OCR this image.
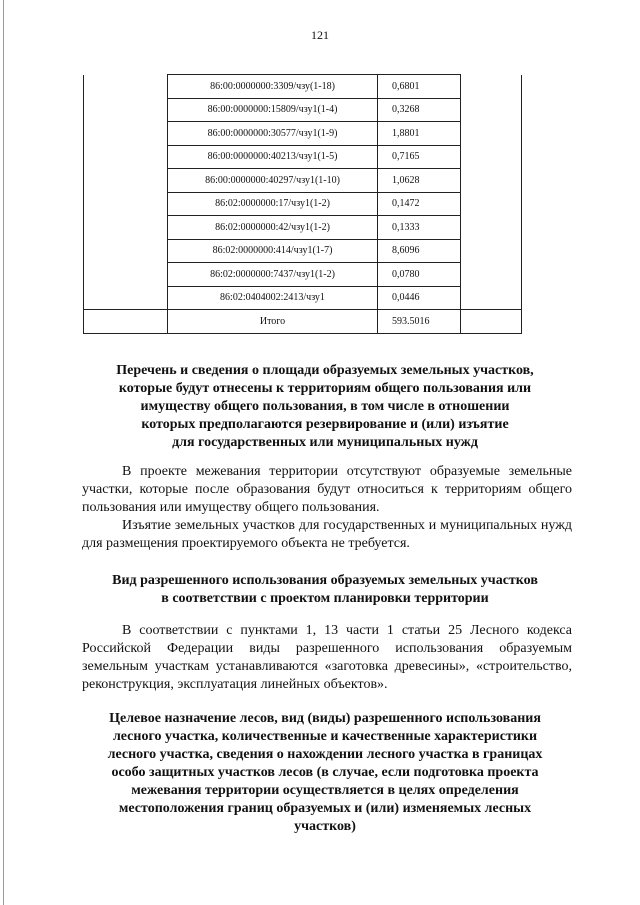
121
	86:00:0000000:3309/чзу(1-18)	0,6801	
	86:00:0000000:15809/чзу1(1-4)	0,3268	
	86:00:0000000:30577/чзу1(1-9)	1,8801	
	86:00:0000000:40213/чзу1(1-5)	0,7165	
	86:00:0000000:40297/чзу1(1-10)	1,0628	
	86:02:0000000:17/чзу1(1-2)	0,1472	
	86:02:0000000:42/чзу1(1-2)	0,1333	
	86:02:0000000:414/чзу1(1-7)	8,6096	
	86:02:0000000:7437/чзу1(1-2)	0,0780	
	86:02:0404002:2413/чзу1	0,0446	
	Итого	593.5016	
Перечень и сведения о площади образуемых земельных участков,
которые будут отнесены к территориям общего пользования или
имуществу общего пользования, в том числе в отношении
которых предполагаются резервирование и (или) изъятие
для государственных или муниципальных нужд
В проекте межевания территории отсутствуют образуемые земельные участки, которые после образования будут относиться к территориям общего пользования или имуществу общего пользования.
Изъятие земельных участков для государственных и муниципальных нужд для размещения проектируемого объекта не требуется.
Вид разрешенного использования образуемых земельных участков
в соответствии с проектом планировки территории
В соответствии с пунктами 1, 13 части 1 статьи 25 Лесного кодекса Российской Федерации виды разрешенного использования образуемым земельным участкам устанавливаются «заготовка древесины», «строительство, реконструкция, эксплуатация линейных объектов».
Целевое назначение лесов, вид (виды) разрешенного использования
лесного участка, количественные и качественные характеристики
лесного участка, сведения о нахождении лесного участка в границах
особо защитных участков лесов (в случае, если подготовка проекта
межевания территории осуществляется в целях определения
местоположения границ образуемых и (или) изменяемых лесных
участков)
